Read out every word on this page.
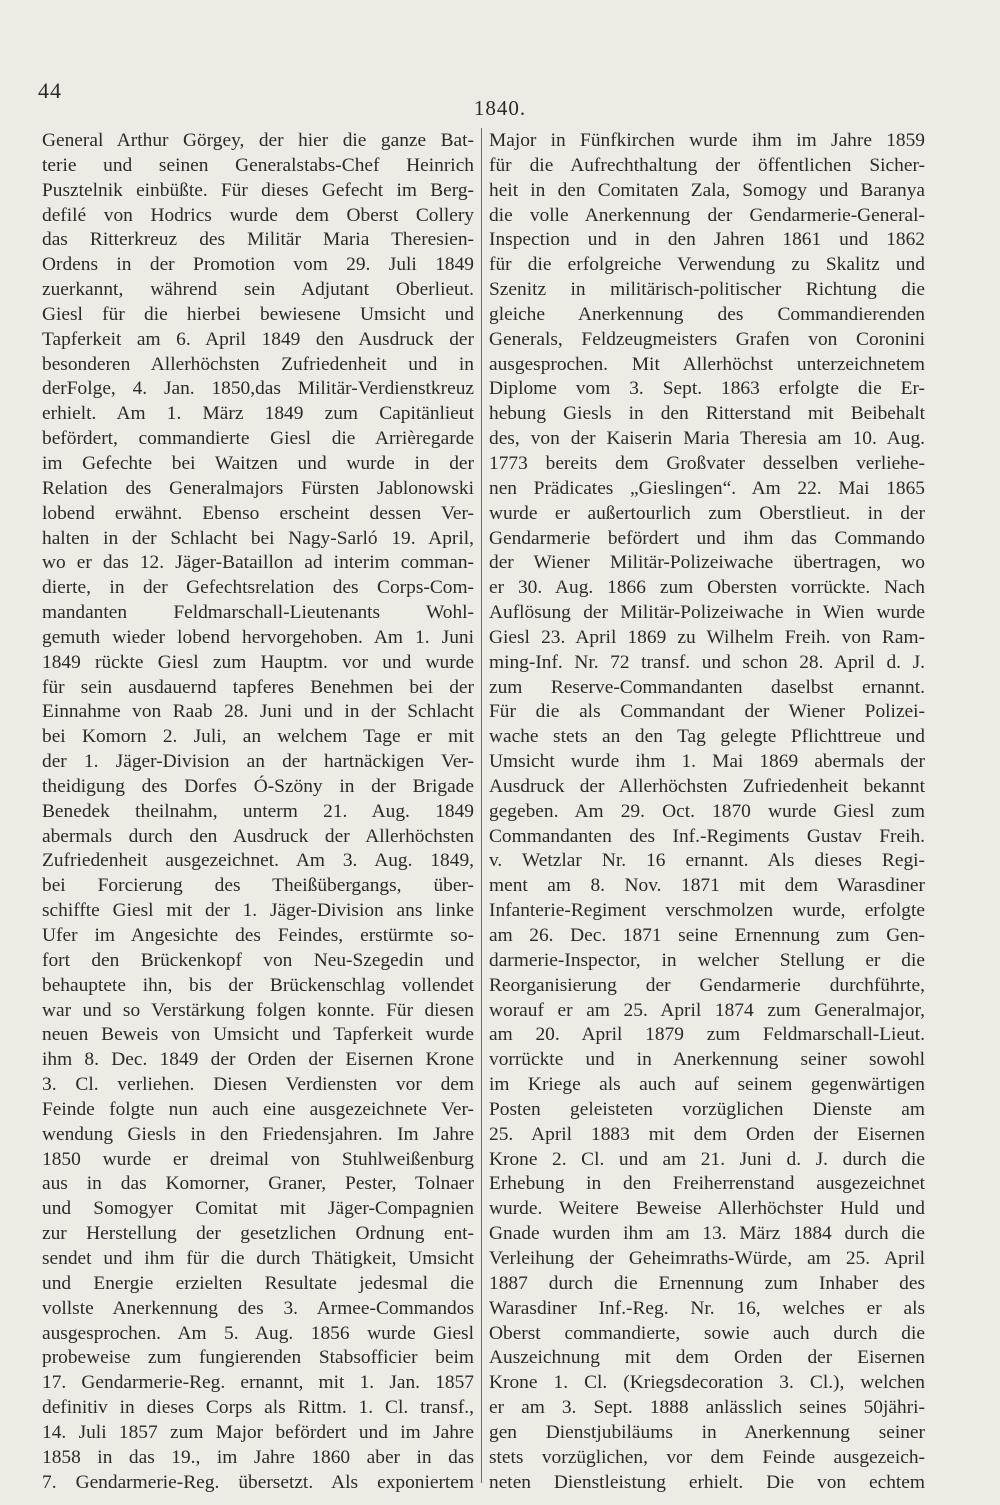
44
1840.
General Arthur Görgey, der hier die ganze Bat-
terie und seinen Generalstabs-Chef Heinrich
Pusztelnik einbüßte. Für dieses Gefecht im Berg-
defilé von Hodrics wurde dem Oberst Collery
das Ritterkreuz des Militär Maria Theresien-
Ordens in der Promotion vom 29. Juli 1849
zuerkannt, während sein Adjutant Oberlieut.
Giesl für die hierbei bewiesene Umsicht und
Tapferkeit am 6. April 1849 den Ausdruck der
besonderen Allerhöchsten Zufriedenheit und in
derFolge, 4. Jan. 1850,das Militär-Verdienstkreuz
erhielt. Am 1. März 1849 zum Capitänlieut
befördert, commandierte Giesl die Arrièregarde
im Gefechte bei Waitzen und wurde in der
Relation des Generalmajors Fürsten Jablonowski
lobend erwähnt. Ebenso erscheint dessen Ver-
halten in der Schlacht bei Nagy-Sarló 19. April,
wo er das 12. Jäger-Bataillon ad interim comman-
dierte, in der Gefechtsrelation des Corps-Com-
mandanten Feldmarschall-Lieutenants Wohl-
gemuth wieder lobend hervorgehoben. Am 1. Juni
1849 rückte Giesl zum Hauptm. vor und wurde
für sein ausdauernd tapferes Benehmen bei der
Einnahme von Raab 28. Juni und in der Schlacht
bei Komorn 2. Juli, an welchem Tage er mit
der 1. Jäger-Division an der hartnäckigen Ver-
theidigung des Dorfes Ó-Szöny in der Brigade
Benedek theilnahm, unterm 21. Aug. 1849
abermals durch den Ausdruck der Allerhöchsten
Zufriedenheit ausgezeichnet. Am 3. Aug. 1849,
bei Forcierung des Theißübergangs, über-
schiffte Giesl mit der 1. Jäger-Division ans linke
Ufer im Angesichte des Feindes, erstürmte so-
fort den Brückenkopf von Neu-Szegedin und
behauptete ihn, bis der Brückenschlag vollendet
war und so Verstärkung folgen konnte. Für diesen
neuen Beweis von Umsicht und Tapferkeit wurde
ihm 8. Dec. 1849 der Orden der Eisernen Krone
3. Cl. verliehen. Diesen Verdiensten vor dem
Feinde folgte nun auch eine ausgezeichnete Ver-
wendung Giesls in den Friedensjahren. Im Jahre
1850 wurde er dreimal von Stuhlweißenburg
aus in das Komorner, Graner, Pester, Tolnaer
und Somogyer Comitat mit Jäger-Compagnien
zur Herstellung der gesetzlichen Ordnung ent-
sendet und ihm für die durch Thätigkeit, Umsicht
und Energie erzielten Resultate jedesmal die
vollste Anerkennung des 3. Armee-Commandos
ausgesprochen. Am 5. Aug. 1856 wurde Giesl
probeweise zum fungierenden Stabsofficier beim
17. Gendarmerie-Reg. ernannt, mit 1. Jan. 1857
definitiv in dieses Corps als Rittm. 1. Cl. transf.,
14. Juli 1857 zum Major befördert und im Jahre
1858 in das 19., im Jahre 1860 aber in das
7. Gendarmerie-Reg. übersetzt. Als exponiertem
Major in Fünfkirchen wurde ihm im Jahre 1859
für die Aufrechthaltung der öffentlichen Sicher-
heit in den Comitaten Zala, Somogy und Baranya
die volle Anerkennung der Gendarmerie-General-
Inspection und in den Jahren 1861 und 1862
für die erfolgreiche Verwendung zu Skalitz und
Szenitz in militärisch-politischer Richtung die
gleiche Anerkennung des Commandierenden
Generals, Feldzeugmeisters Grafen von Coronini
ausgesprochen. Mit Allerhöchst unterzeichnetem
Diplome vom 3. Sept. 1863 erfolgte die Er-
hebung Giesls in den Ritterstand mit Beibehalt
des, von der Kaiserin Maria Theresia am 10. Aug.
1773 bereits dem Großvater desselben verliehe-
nen Prädicates „Gieslingen“. Am 22. Mai 1865
wurde er außertourlich zum Oberstlieut. in der
Gendarmerie befördert und ihm das Commando
der Wiener Militär-Polizeiwache übertragen, wo
er 30. Aug. 1866 zum Obersten vorrückte. Nach
Auflösung der Militär-Polizeiwache in Wien wurde
Giesl 23. April 1869 zu Wilhelm Freih. von Ram-
ming-Inf. Nr. 72 transf. und schon 28. April d. J.
zum Reserve-Commandanten daselbst ernannt.
Für die als Commandant der Wiener Polizei-
wache stets an den Tag gelegte Pflichttreue und
Umsicht wurde ihm 1. Mai 1869 abermals der
Ausdruck der Allerhöchsten Zufriedenheit bekannt
gegeben. Am 29. Oct. 1870 wurde Giesl zum
Commandanten des Inf.-Regiments Gustav Freih.
v. Wetzlar Nr. 16 ernannt. Als dieses Regi-
ment am 8. Nov. 1871 mit dem Warasdiner
Infanterie-Regiment verschmolzen wurde, erfolgte
am 26. Dec. 1871 seine Ernennung zum Gen-
darmerie-Inspector, in welcher Stellung er die
Reorganisierung der Gendarmerie durchführte,
worauf er am 25. April 1874 zum Generalmajor,
am 20. April 1879 zum Feldmarschall-Lieut.
vorrückte und in Anerkennung seiner sowohl
im Kriege als auch auf seinem gegenwärtigen
Posten geleisteten vorzüglichen Dienste am
25. April 1883 mit dem Orden der Eisernen
Krone 2. Cl. und am 21. Juni d. J. durch die
Erhebung in den Freiherrenstand ausgezeichnet
wurde. Weitere Beweise Allerhöchster Huld und
Gnade wurden ihm am 13. März 1884 durch die
Verleihung der Geheimraths-Würde, am 25. April
1887 durch die Ernennung zum Inhaber des
Warasdiner Inf.-Reg. Nr. 16, welches er als
Oberst commandierte, sowie auch durch die
Auszeichnung mit dem Orden der Eisernen
Krone 1. Cl. (Kriegsdecoration 3. Cl.), welchen
er am 3. Sept. 1888 anlässlich seines 50jähri-
gen Dienstjubiläums in Anerkennung seiner
stets vorzüglichen, vor dem Feinde ausgezeich-
neten Dienstleistung erhielt. Die von echtem
